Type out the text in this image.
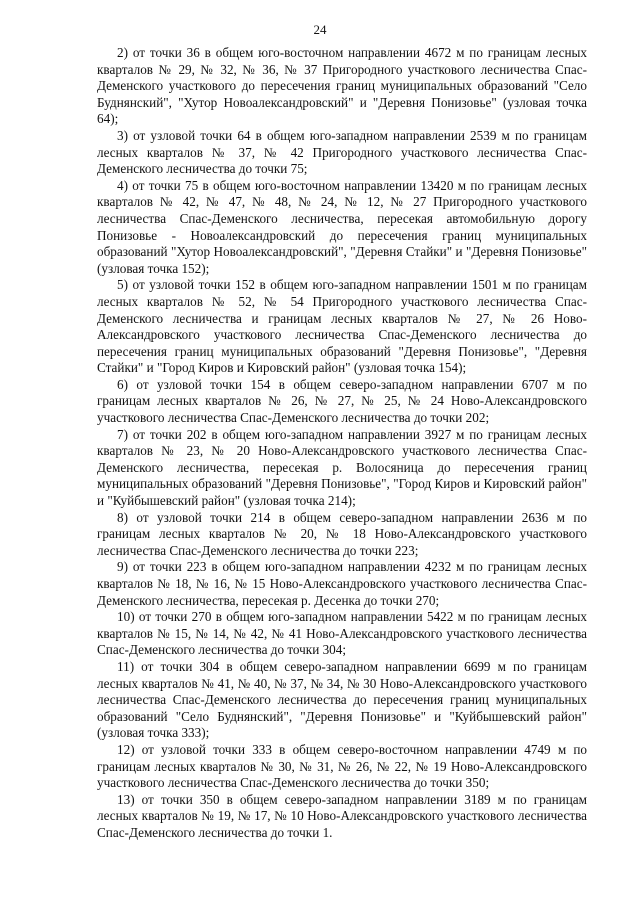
24

2) от точки 36 в общем юго-восточном направлении 4672 м по границам лесных кварталов № 29, № 32, № 36, № 37 Пригородного участкового лесничества Спас-Деменского участкового до пересечения границ муниципальных образований "Село Буднянский", "Хутор Новоалександровский" и "Деревня Понизовье" (узловая точка 64);

3) от узловой точки 64 в общем юго-западном направлении 2539 м по границам лесных кварталов № 37, № 42 Пригородного участкового лесничества Спас-Деменского лесничества до точки 75;

4) от точки 75 в общем юго-восточном направлении 13420 м по границам лесных кварталов № 42, № 47, № 48, № 24, № 12, № 27 Пригородного участкового лесничества Спас-Деменского лесничества, пересекая автомобильную дорогу Понизовье - Новоалександровский до пересечения границ муниципальных образований "Хутор Новоалександровский", "Деревня Стайки" и "Деревня Понизовье" (узловая точка 152);

5) от узловой точки 152 в общем юго-западном направлении 1501 м по границам лесных кварталов № 52, № 54 Пригородного участкового лесничества Спас-Деменского лесничества и границам лесных кварталов № 27, № 26 Ново-Александровского участкового лесничества Спас-Деменского лесничества до пересечения границ муниципальных образований "Деревня Понизовье", "Деревня Стайки" и "Город Киров и Кировский район" (узловая точка 154);

6) от узловой точки 154 в общем северо-западном направлении 6707 м по границам лесных кварталов № 26, № 27, № 25, № 24 Ново-Александровского участкового лесничества Спас-Деменского лесничества до точки 202;

7) от точки 202 в общем юго-западном направлении 3927 м по границам лесных кварталов № 23, № 20 Ново-Александровского участкового лесничества Спас-Деменского лесничества, пересекая р. Волосяница до пересечения границ муниципальных образований "Деревня Понизовье", "Город Киров и Кировский район" и "Куйбышевский район" (узловая точка 214);

8) от узловой точки 214 в общем северо-западном направлении 2636 м по границам лесных кварталов № 20, № 18 Ново-Александровского участкового лесничества Спас-Деменского лесничества до точки 223;

9) от точки 223 в общем юго-западном направлении 4232 м по границам лесных кварталов № 18, № 16, № 15 Ново-Александровского участкового лесничества Спас-Деменского лесничества, пересекая р. Десенка до точки 270;

10) от точки 270 в общем юго-западном направлении 5422 м по границам лесных кварталов № 15, № 14, № 42, № 41 Ново-Александровского участкового лесничества Спас-Деменского лесничества до точки 304;

11) от точки 304 в общем северо-западном направлении 6699 м по границам лесных кварталов № 41, № 40, № 37, № 34, № 30 Ново-Александровского участкового лесничества Спас-Деменского лесничества до пересечения границ муниципальных образований "Село Буднянский", "Деревня Понизовье" и "Куйбышевский район" (узловая точка 333);

12) от узловой точки 333 в общем северо-восточном направлении 4749 м по границам лесных кварталов № 30, № 31, № 26, № 22, № 19 Ново-Александровского участкового лесничества Спас-Деменского лесничества до точки 350;

13) от точки 350 в общем северо-западном направлении 3189 м по границам лесных кварталов № 19, № 17, № 10 Ново-Александровского участкового лесничества Спас-Деменского лесничества до точки 1.
